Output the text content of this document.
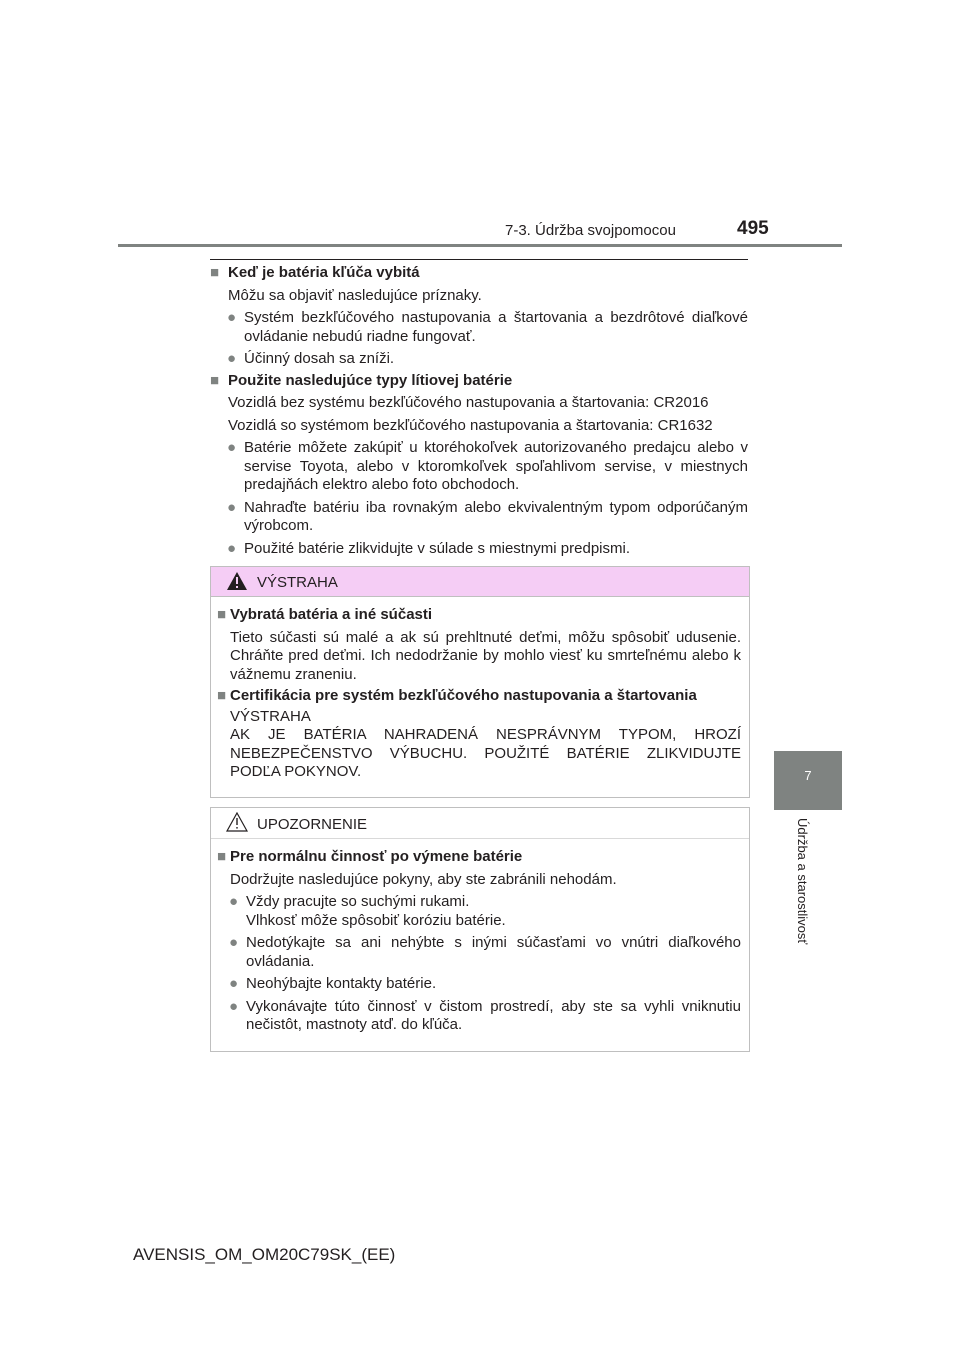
7-3. Údržba svojpomocou	495
7
Údržba a starostlivosť
■ Keď je batéria kľúča vybitá
Môžu sa objaviť nasledujúce príznaky.
● Systém bezkľúčového nastupovania a štartovania a bezdrôtové diaľkové ovládanie nebudú riadne fungovať.
● Účinný dosah sa zníži.
■ Použite nasledujúce typy lítiovej batérie
Vozidlá bez systému bezkľúčového nastupovania a štartovania: CR2016
Vozidlá so systémom bezkľúčového nastupovania a štartovania: CR1632
● Batérie môžete zakúpiť u ktoréhokoľvek autorizovaného predajcu alebo v servise Toyota, alebo v ktoromkoľvek spoľahlivom servise, v miestnych predajňách elektro alebo foto obchodoch.
● Nahraďte batériu iba rovnakým alebo ekvivalentným typom odporúčaným výrobcom.
● Použité batérie zlikvidujte v súlade s miestnymi predpismi.
VÝSTRAHA
■ Vybratá batéria a iné súčasti
Tieto súčasti sú malé a ak sú prehltnuté deťmi, môžu spôsobiť udusenie. Chráňte pred deťmi. Ich nedodržanie by mohlo viesť ku smrteľnému alebo k vážnemu zraneniu.
■ Certifikácia pre systém bezkľúčového nastupovania a štartovania
VÝSTRAHA
AK JE BATÉRIA NAHRADENÁ NESPRÁVNYM TYPOM, HROZÍ NEBEZPEČENSTVO VÝBUCHU. POUŽITÉ BATÉRIE ZLIKVIDUJTE PODĽA POKYNOV.
UPOZORNENIE
■ Pre normálnu činnosť po výmene batérie
Dodržujte nasledujúce pokyny, aby ste zabránili nehodám.
● Vždy pracujte so suchými rukami.
Vlhkosť môže spôsobiť koróziu batérie.
● Nedotýkajte sa ani nehýbte s inými súčasťami vo vnútri diaľkového ovládania.
● Neohýbajte kontakty batérie.
● Vykonávajte túto činnosť v čistom prostredí, aby ste sa vyhli vniknutiu nečistôt, mastnoty atď. do kľúča.
AVENSIS_OM_OM20C79SK_(EE)
